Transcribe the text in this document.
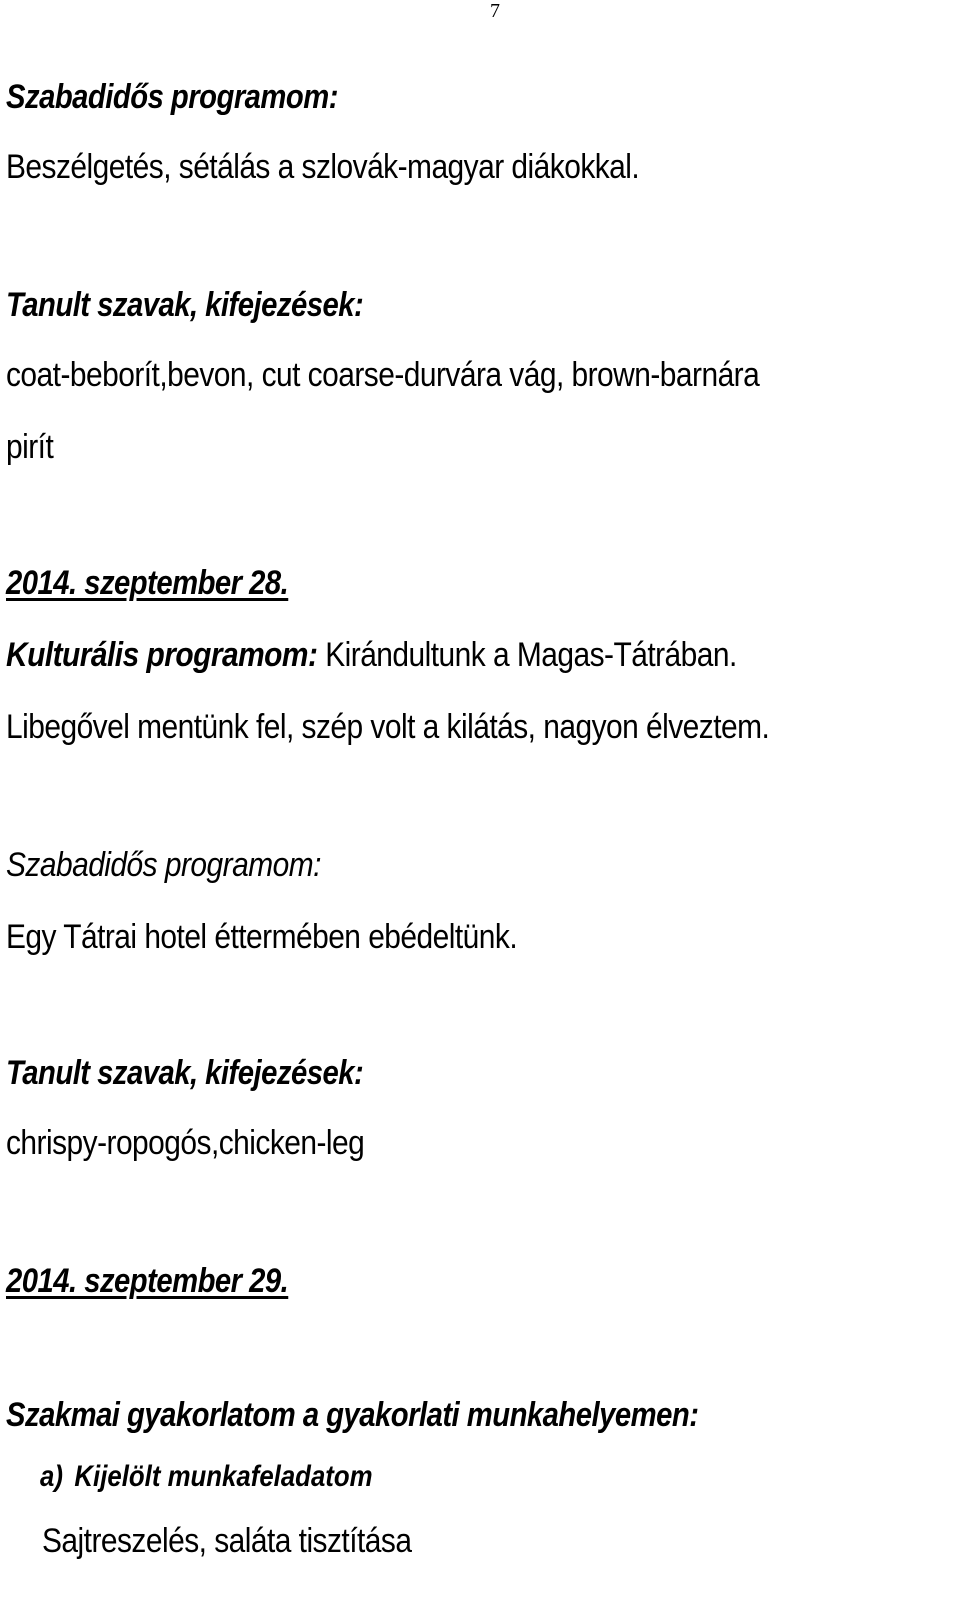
7
Szabadidős programom:
Beszélgetés, sétálás a szlovák-magyar diákokkal.
Tanult szavak, kifejezések:
coat-beborít,bevon, cut coarse-durvára vág, brown-barnára
pirít
2014. szeptember 28.
Kulturális programom: Kirándultunk a Magas-Tátrában.
Libegővel mentünk fel, szép volt a kilátás, nagyon élveztem.
Szabadidős programom:
Egy Tátrai hotel éttermében ebédeltünk.
Tanult szavak, kifejezések:
chrispy-ropogós,chicken-leg
2014. szeptember 29.
Szakmai gyakorlatom a gyakorlati munkahelyemen:
a) Kijelölt munkafeladatom
Sajtreszelés, saláta tisztítása
